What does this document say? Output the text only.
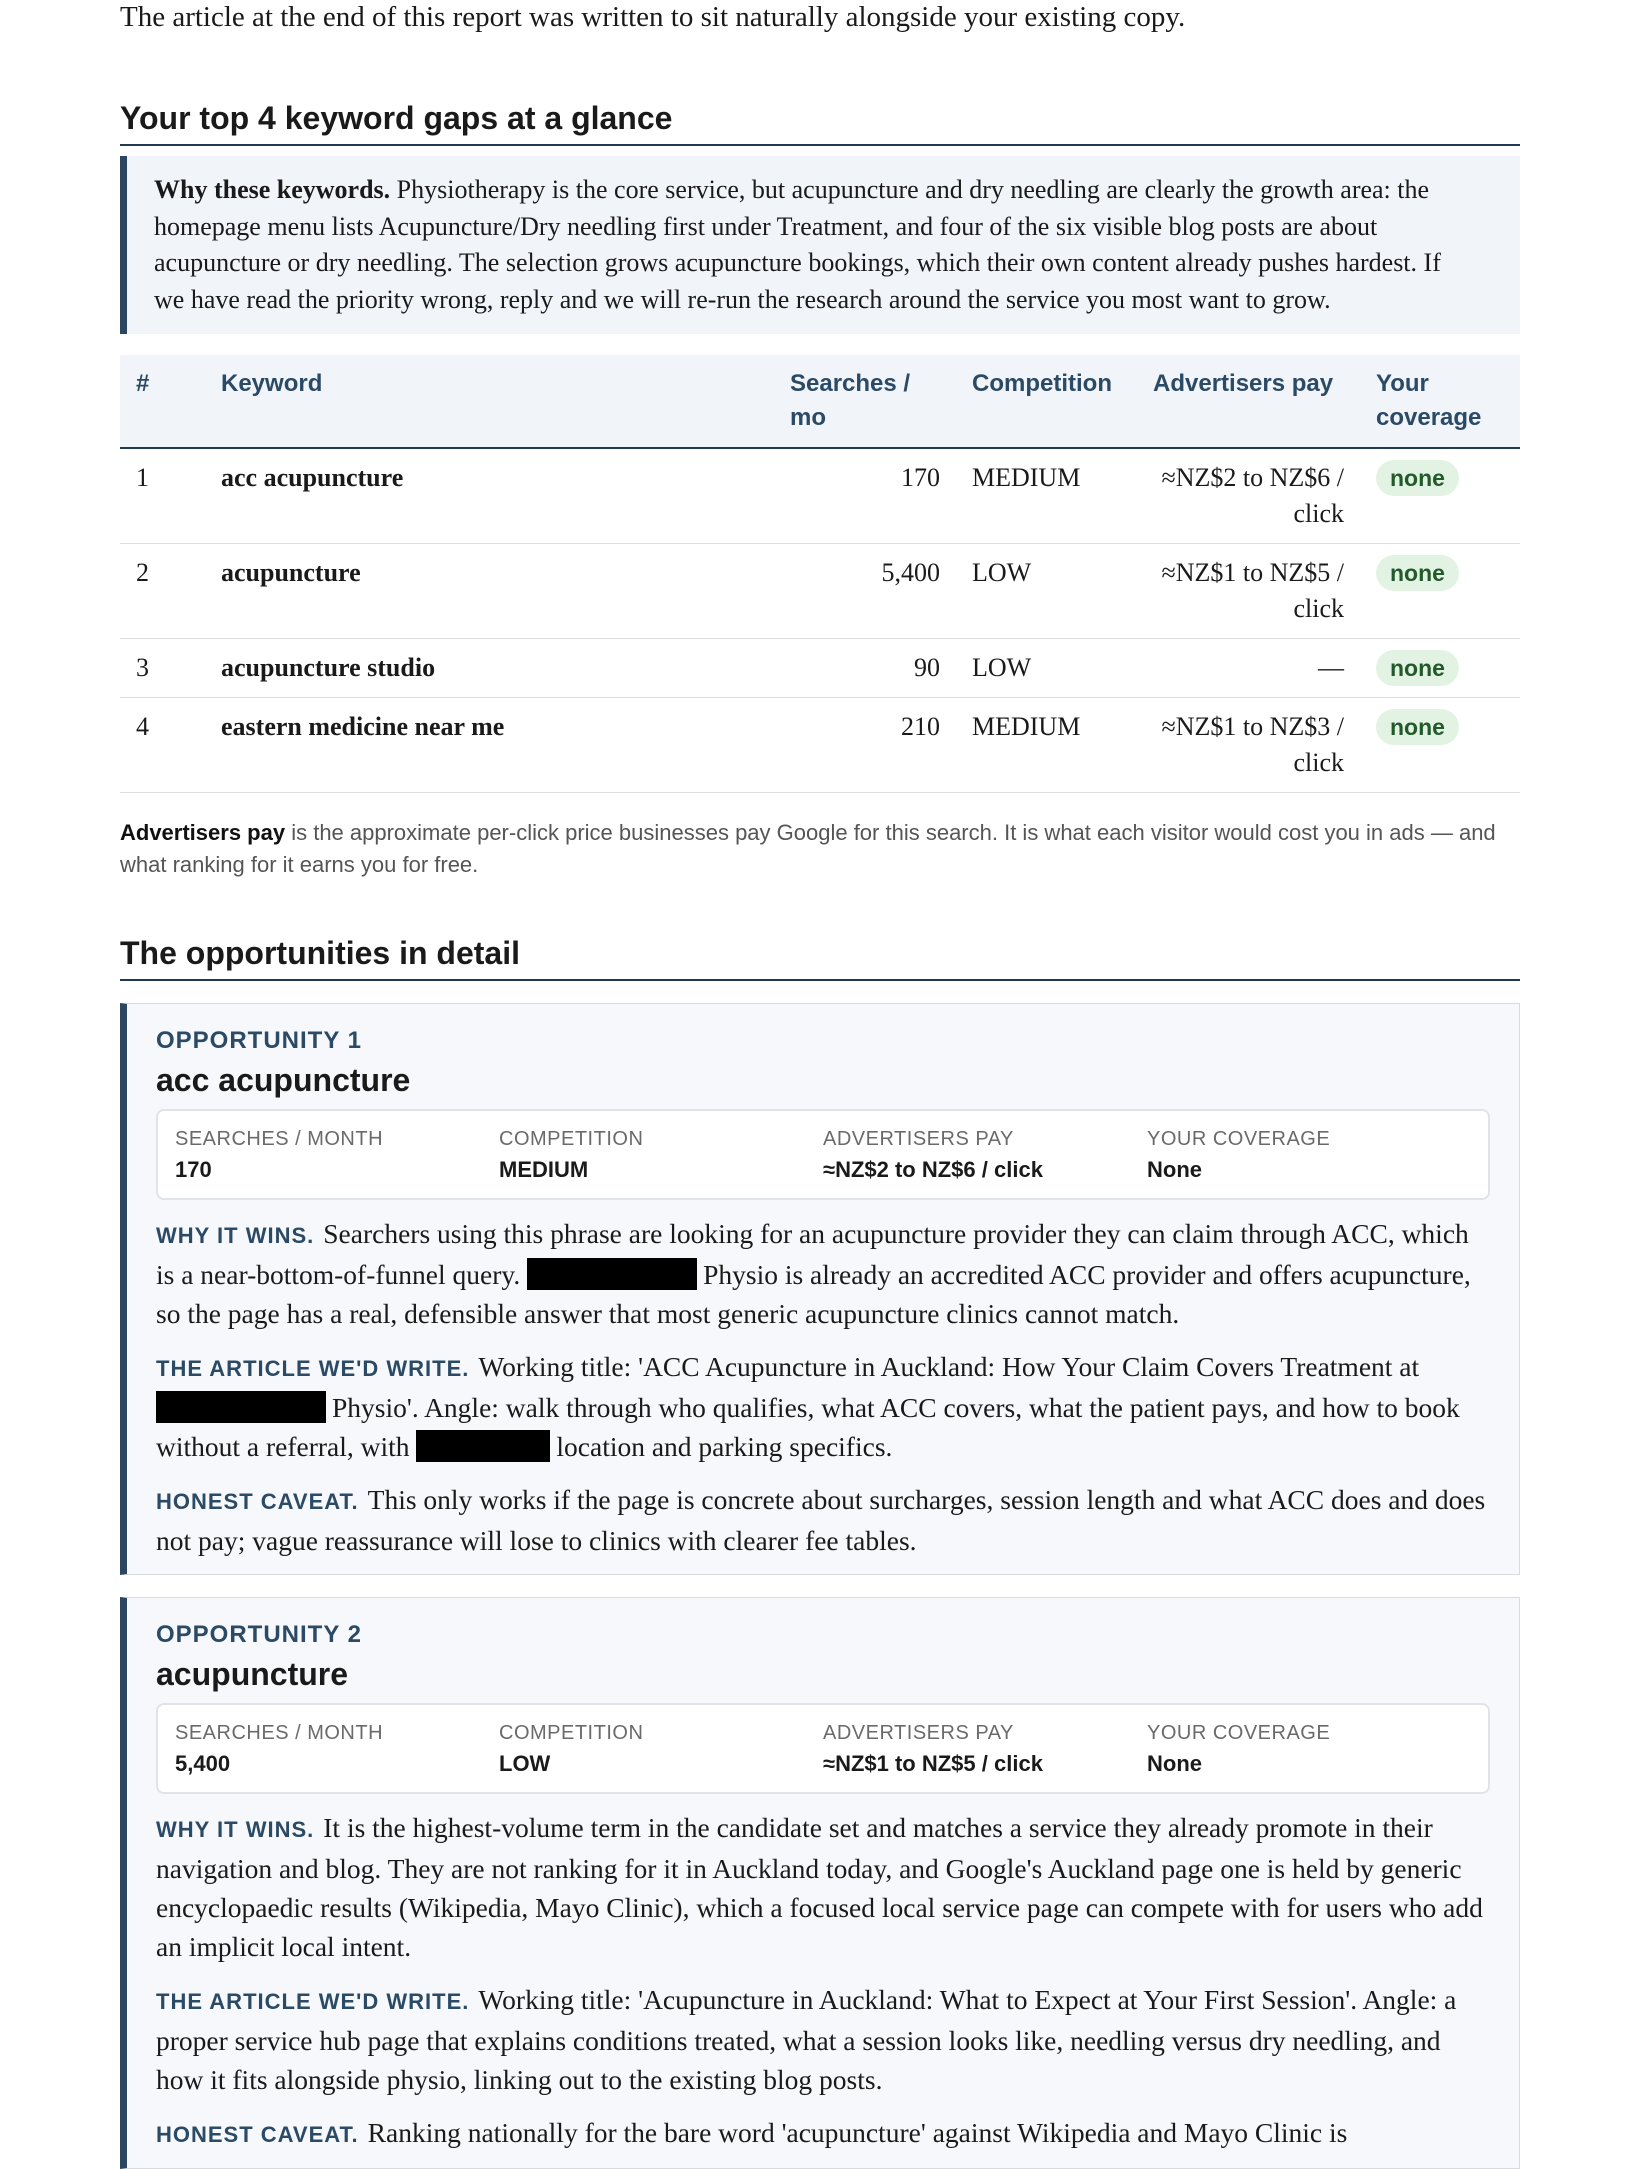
The article at the end of this report was written to sit naturally alongside your existing copy.

Your top 4 keyword gaps at a glance
Why these keywords. Physiotherapy is the core service, but acupuncture and dry needling are clearly the growth area: the homepage menu lists Acupuncture/Dry needling first under Treatment, and four of the six visible blog posts are about acupuncture or dry needling. The selection grows acupuncture bookings, which their own content already pushes hardest. If we have read the priority wrong, reply and we will re-run the research around the service you most want to grow.
#	Keyword	Searches / mo	Competition	Advertisers pay	Your coverage
1	acc acupuncture	170	MEDIUM	≈NZ$2 to NZ$6 / click	none
2	acupuncture	5,400	LOW	≈NZ$1 to NZ$5 / click	none
3	acupuncture studio	90	LOW	—	none
4	eastern medicine near me	210	MEDIUM	≈NZ$1 to NZ$3 / click	none

Advertisers pay is the approximate per-click price businesses pay Google for this search. It is what each visitor would cost you in ads — and what ranking for it earns you for free.

The opportunities in detail
OPPORTUNITY 1
acc acupuncture
SEARCHES / MONTH
170
COMPETITION
MEDIUM
ADVERTISERS PAY
≈NZ$2 to NZ$6 / click
YOUR COVERAGE
None

WHY IT WINS. Searchers using this phrase are looking for an acupuncture provider they can claim through ACC, which is a near-bottom-of-funnel query.	Physio is already an accredited ACC provider and offers acupuncture, so the page has a real, defensible answer that most generic acupuncture clinics cannot match.

THE ARTICLE WE'D WRITE. Working title: 'ACC Acupuncture in Auckland: How Your Claim Covers Treatment at Physio'. Angle: walk through who qualifies, what ACC covers, what the patient pays, and how to book without a referral, with	location and parking specifics.

HONEST CAVEAT. This only works if the page is concrete about surcharges, session length and what ACC does and does not pay; vague reassurance will lose to clinics with clearer fee tables.

OPPORTUNITY 2
acupuncture
SEARCHES / MONTH
5,400
COMPETITION
LOW
ADVERTISERS PAY
≈NZ$1 to NZ$5 / click
YOUR COVERAGE
None

WHY IT WINS. It is the highest-volume term in the candidate set and matches a service they already promote in their navigation and blog. They are not ranking for it in Auckland today, and Google's Auckland page one is held by generic encyclopaedic results (Wikipedia, Mayo Clinic), which a focused local service page can compete with for users who add an implicit local intent.

THE ARTICLE WE'D WRITE. Working title: 'Acupuncture in Auckland: What to Expect at Your First Session'. Angle: a proper service hub page that explains conditions treated, what a session looks like, needling versus dry needling, and how it fits alongside physio, linking out to the existing blog posts.

HONEST CAVEAT. Ranking nationally for the bare word 'acupuncture' against Wikipedia and Mayo Clinic is
